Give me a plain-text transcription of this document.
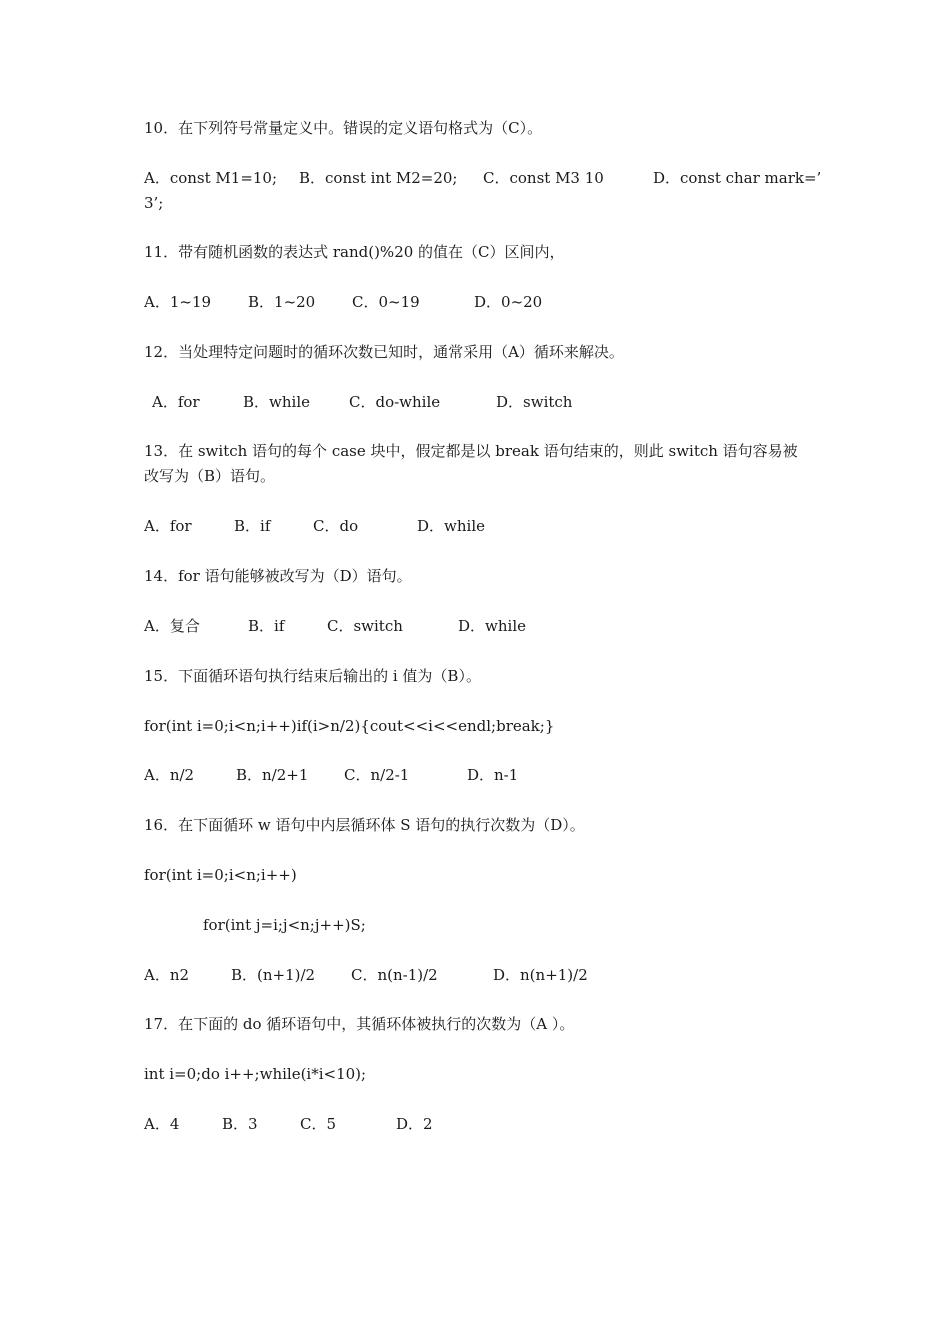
10．在下列符号常量定义中。错误的定义语句格式为（C）。
A．const M1=10; B．const int M2=20; C．const M3 10	D．const char mark=’
3’;
11．带有随机函数的表达式 rand()%20 的值在（C）区间内，
A．1~19 B．1~20 C．0~19	D．0~20
12．当处理特定问题时的循环次数已知时，通常采用（A）循环来解决。
A．for	B．while	C．do-while	D．switch
13．在 switch 语句的每个 case 块中，假定都是以 break 语句结束的，则此 switch 语句容易被改写为（B）语句。
A．for	B．if	C．do	D．while
14．for 语句能够被改写为（D）语句。
A．复合	B．if	C．switch	D．while
15．下面循环语句执行结束后输出的 i 值为（B）。
for(int i=0;i<n;i++)if(i>n/2){cout<<i<<endl;break;}
A．n/2	B．n/2+1 C．n/2-1	D．n-1
16．在下面循环 w 语句中内层循环体 S 语句的执行次数为（D）。
for(int i=0;i<n;i++)
for(int j=i;j<n;j++)S;
A．n2	B．(n+1)/2 C．n(n-1)/2	D．n(n+1)/2
17．在下面的 do 循环语句中，其循环体被执行的次数为（A ）。
int i=0;do i++;while(i*i<10);
A．4	B．3	C．5	D．2
